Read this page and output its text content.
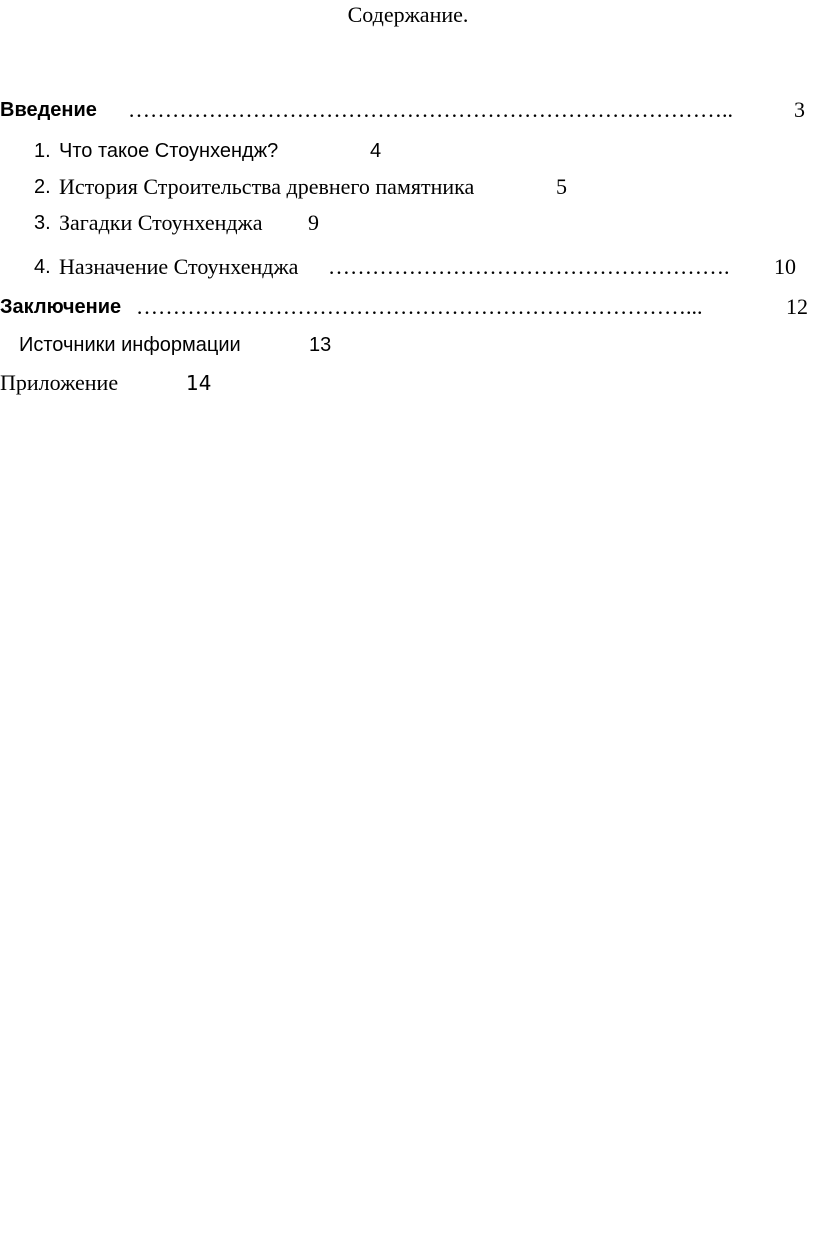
Содержание.
Введение ………………………………………………………………………..	3
1. Что такое Стоунхендж?	4
2. История Строительства древнего памятника	5
3. Загадки Стоунхенджа 9
4. Назначение Стоунхенджа ………………………………………………. 10
Заключение …………………………………………………………………...	12
Источники информации	13
Приложение	14
